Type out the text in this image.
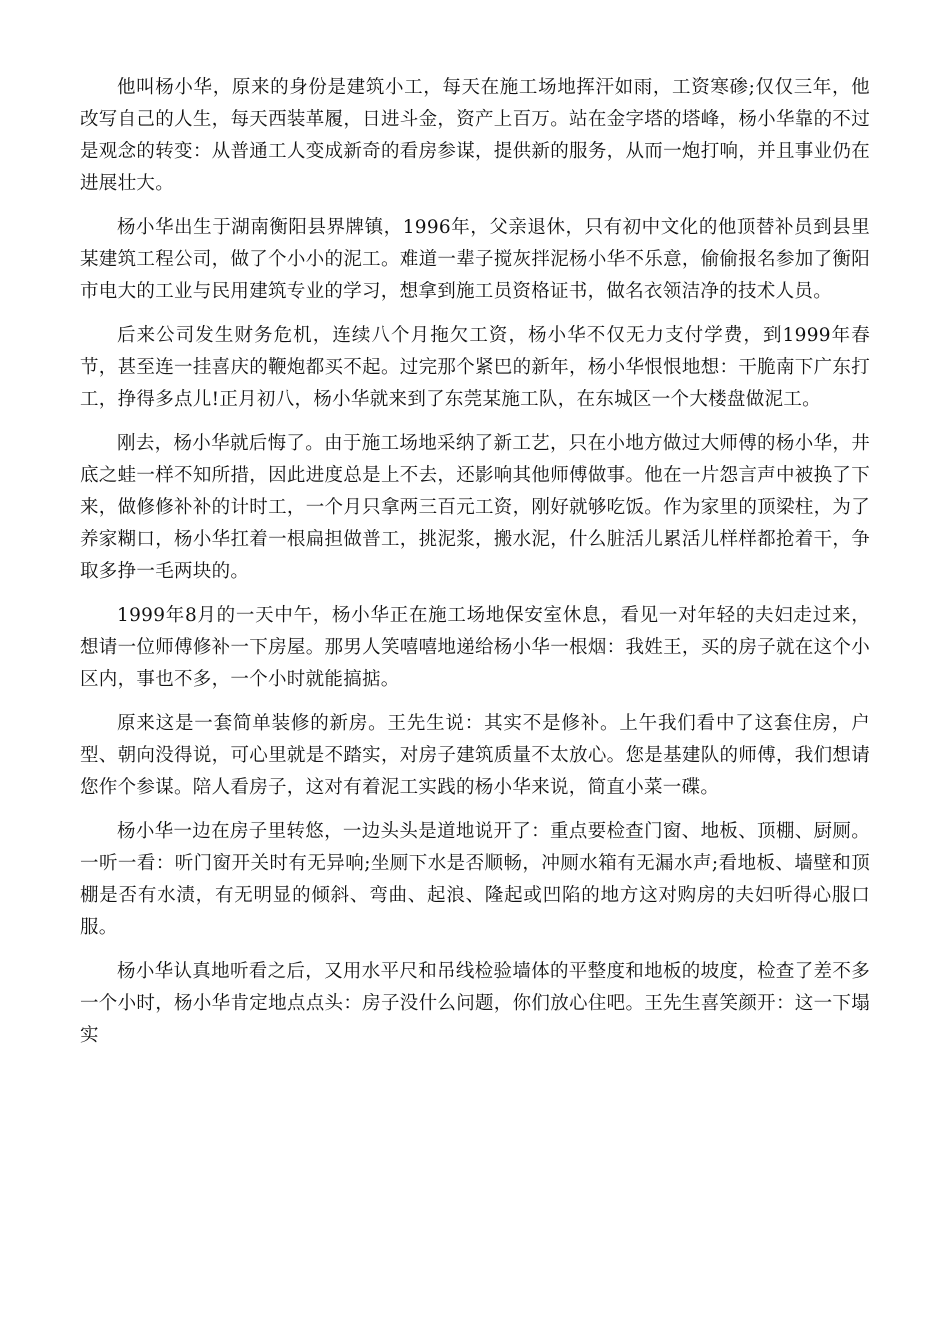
他叫杨小华，原来的身份是建筑小工，每天在施工场地挥汗如雨，工资寒碜;仅仅三年，他改写自己的人生，每天西装革履，日进斗金，资产上百万。站在金字塔的塔峰，杨小华靠的不过是观念的转变：从普通工人变成新奇的看房参谋，提供新的服务，从而一炮打响，并且事业仍在进展壮大。

杨小华出生于湖南衡阳县界牌镇，1996年，父亲退休，只有初中文化的他顶替补员到县里某建筑工程公司，做了个小小的泥工。难道一辈子搅灰拌泥杨小华不乐意，偷偷报名参加了衡阳市电大的工业与民用建筑专业的学习，想拿到施工员资格证书，做名衣领洁净的技术人员。

后来公司发生财务危机，连续八个月拖欠工资，杨小华不仅无力支付学费，到1999年春节，甚至连一挂喜庆的鞭炮都买不起。过完那个紧巴的新年，杨小华恨恨地想：干脆南下广东打工，挣得多点儿!正月初八，杨小华就来到了东莞某施工队，在东城区一个大楼盘做泥工。

刚去，杨小华就后悔了。由于施工场地采纳了新工艺，只在小地方做过大师傅的杨小华，井底之蛙一样不知所措，因此进度总是上不去，还影响其他师傅做事。他在一片怨言声中被换了下来，做修修补补的计时工，一个月只拿两三百元工资，刚好就够吃饭。作为家里的顶梁柱，为了养家糊口，杨小华扛着一根扁担做普工，挑泥浆，搬水泥，什么脏活儿累活儿样样都抢着干，争取多挣一毛两块的。

1999年8月的一天中午，杨小华正在施工场地保安室休息，看见一对年轻的夫妇走过来，想请一位师傅修补一下房屋。那男人笑嘻嘻地递给杨小华一根烟：我姓王，买的房子就在这个小区内，事也不多，一个小时就能搞掂。

原来这是一套简单装修的新房。王先生说：其实不是修补。上午我们看中了这套住房，户型、朝向没得说，可心里就是不踏实，对房子建筑质量不太放心。您是基建队的师傅，我们想请您作个参谋。陪人看房子，这对有着泥工实践的杨小华来说，简直小菜一碟。

杨小华一边在房子里转悠，一边头头是道地说开了：重点要检查门窗、地板、顶棚、厨厕。一听一看：听门窗开关时有无异响;坐厕下水是否顺畅，冲厕水箱有无漏水声;看地板、墙壁和顶棚是否有水渍，有无明显的倾斜、弯曲、起浪、隆起或凹陷的地方这对购房的夫妇听得心服口服。

杨小华认真地听看之后，又用水平尺和吊线检验墙体的平整度和地板的坡度，检查了差不多一个小时，杨小华肯定地点点头：房子没什么问题，你们放心住吧。王先生喜笑颜开：这一下塌实
